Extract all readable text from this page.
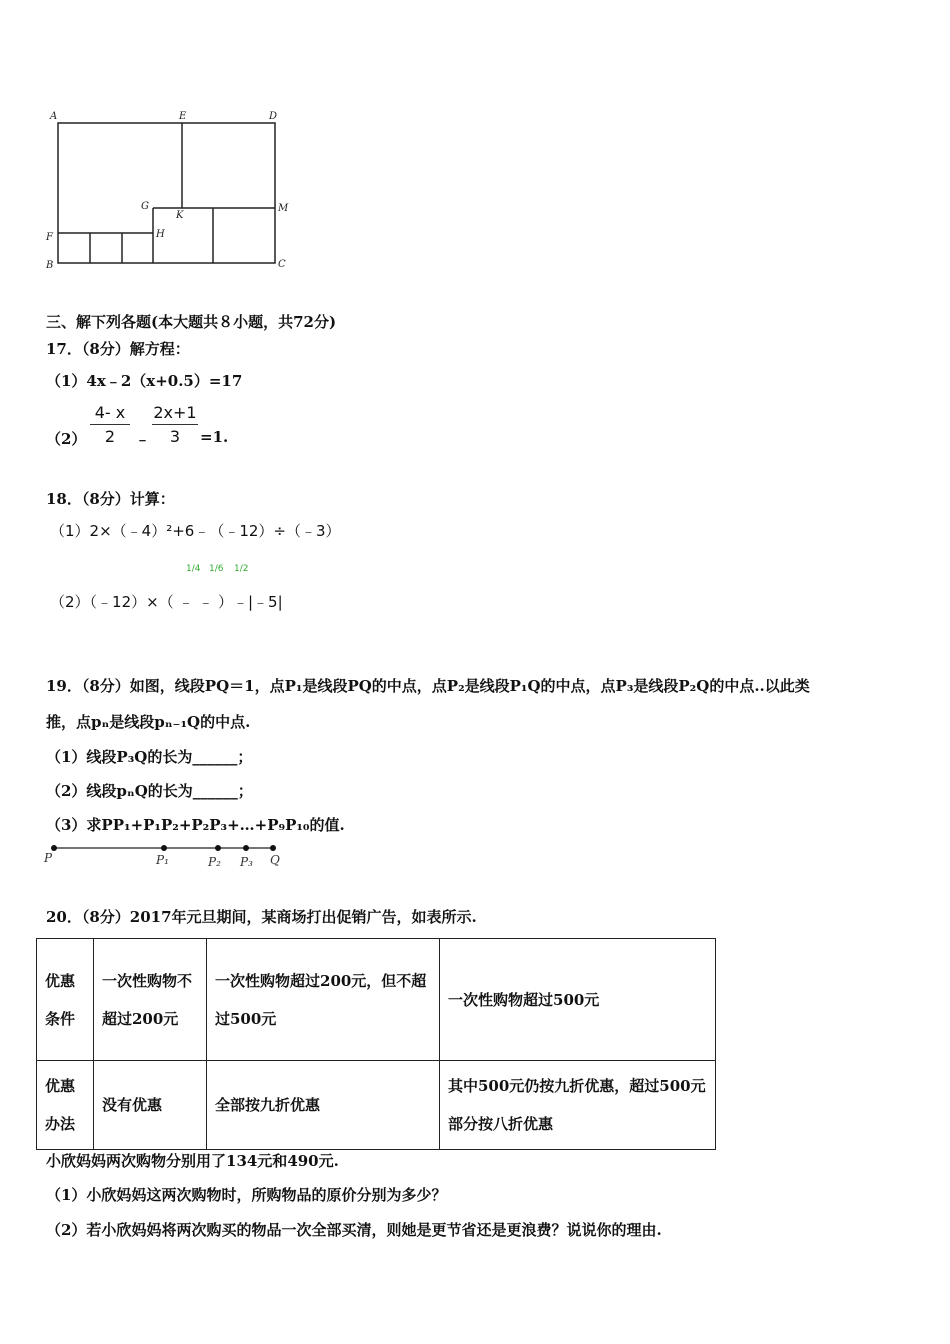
A	E	D
G
K
M
F	H
B	C
三、解下列各题(本大题共８小题，共72分)
17．（8分）解方程：
（1）4x﹣2（x+0.5）=17
（2）
4- x
2	﹣
2x+1
3	=1.
18．（8分）计算：
（1）2×（﹣4）²+6﹣（﹣12）÷（﹣3）
1/4 1/6 1/2
（2）（﹣12）×（ ﹣ ﹣ ）﹣|﹣5|
19．（8分）如图，线段PQ＝1，点P₁是线段PQ的中点，点P₂是线段P₁Q的中点，点P₃是线段P₂Q的中点..以此类
推，点pₙ是线段pₙ₋₁Q的中点.
（1）线段P₃Q的长为______；
（2）线段pₙQ的长为______；
（3）求PP₁+P₁P₂+P₂P₃+…+P₉P₁₀的值.
P	P₁	P₂ P₃ Q
20．（8分）2017年元旦期间，某商场打出促销广告，如表所示.
优惠条件	一次性购物不超过200元	一次性购物超过200元，但不超过500元	一次性购物超过500元
优惠办法	没有优惠	全部按九折优惠	其中500元仍按九折优惠，超过500元部分按八折优惠
小欣妈妈两次购物分别用了134元和490元.
（1）小欣妈妈这两次购物时，所购物品的原价分别为多少？
（2）若小欣妈妈将两次购买的物品一次全部买清，则她是更节省还是更浪费？说说你的理由.
